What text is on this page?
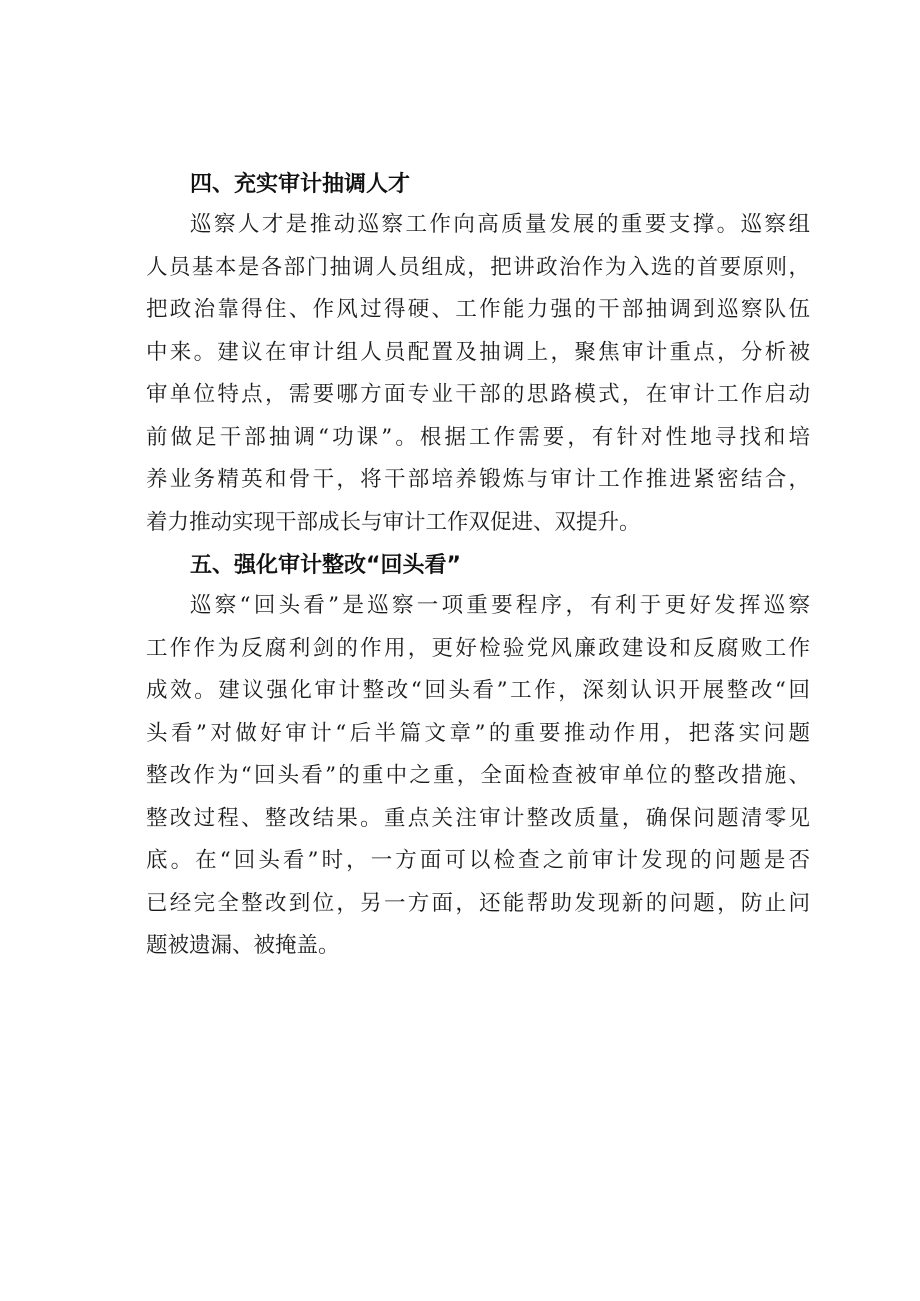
四、充实审计抽调人才
巡察人才是推动巡察工作向高质量发展的重要支撑。巡察组
人员基本是各部门抽调人员组成，把讲政治作为入选的首要原则，
把政治靠得住、作风过得硬、工作能力强的干部抽调到巡察队伍
中来。建议在审计组人员配置及抽调上，聚焦审计重点，分析被
审单位特点，需要哪方面专业干部的思路模式，在审计工作启动
前做足干部抽调“功课”。根据工作需要，有针对性地寻找和培
养业务精英和骨干，将干部培养锻炼与审计工作推进紧密结合，
着力推动实现干部成长与审计工作双促进、双提升。
五、强化审计整改“回头看”
巡察“回头看”是巡察一项重要程序，有利于更好发挥巡察
工作作为反腐利剑的作用，更好检验党风廉政建设和反腐败工作
成效。建议强化审计整改“回头看”工作，深刻认识开展整改“回
头看”对做好审计“后半篇文章”的重要推动作用，把落实问题
整改作为“回头看”的重中之重，全面检查被审单位的整改措施、
整改过程、整改结果。重点关注审计整改质量，确保问题清零见
底。在“回头看”时，一方面可以检查之前审计发现的问题是否
已经完全整改到位，另一方面，还能帮助发现新的问题，防止问
题被遗漏、被掩盖。
